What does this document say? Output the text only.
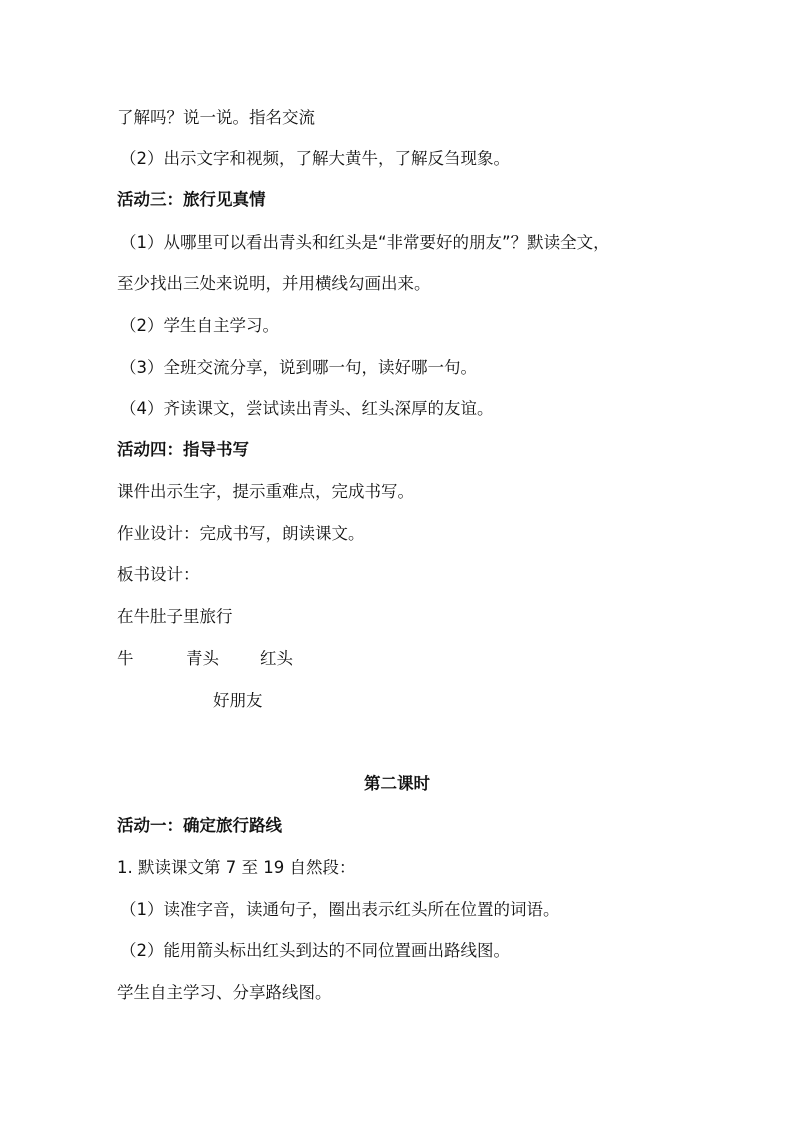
了解吗？说一说。指名交流
（2）出示文字和视频，了解大黄牛，了解反刍现象。
活动三：旅行见真情
（1）从哪里可以看出青头和红头是“非常要好的朋友”？默读全文，
至少找出三处来说明，并用横线勾画出来。
（2）学生自主学习。
（3）全班交流分享，说到哪一句，读好哪一句。
（4）齐读课文，尝试读出青头、红头深厚的友谊。
活动四：指导书写
课件出示生字，提示重难点，完成书写。
作业设计：完成书写，朗读课文。
板书设计：
在牛肚子里旅行
牛	青头 红头
好朋友
第二课时
活动一：确定旅行路线
1. 默读课文第 7 至 19 自然段：
（1）读准字音，读通句子，圈出表示红头所在位置的词语。
（2）能用箭头标出红头到达的不同位置画出路线图。
学生自主学习、分享路线图。
